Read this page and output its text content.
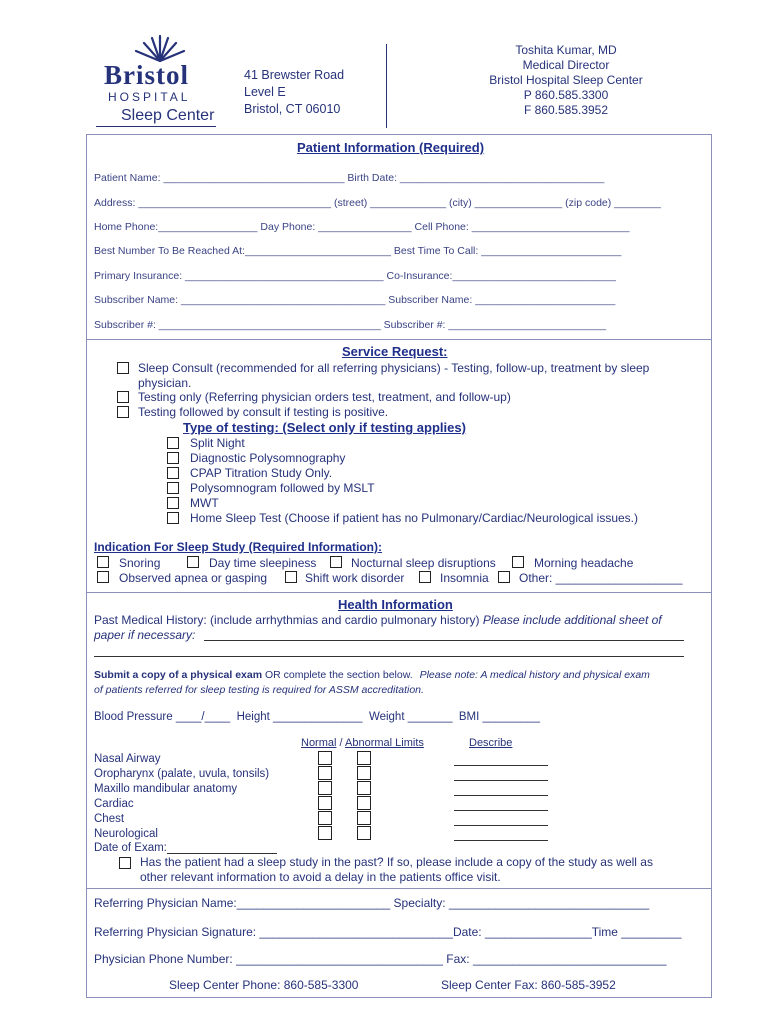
Bristol
HOSPITAL
Sleep Center
41 Brewster Road
Level E
Bristol, CT 06010
Toshita Kumar, MD
Medical Director
Bristol Hospital Sleep Center
P 860.585.3300
F 860.585.3952
Patient Information (Required)
Patient Name: _______________________________ Birth Date: ___________________________________
Address: _________________________________ (street) _____________ (city) _______________ (zip code) ________
Home Phone:_________________ Day Phone: ________________ Cell Phone: ___________________________
Best Number To Be Reached At:_________________________ Best Time To Call: ________________________
Primary Insurance: __________________________________ Co-Insurance:____________________________
Subscriber Name: ___________________________________ Subscriber Name: ________________________
Subscriber #: ______________________________________ Subscriber #: ___________________________
Service Request:
Sleep Consult (recommended for all referring physicians) - Testing, follow-up, treatment by sleep
physician.
Testing only (Referring physician orders test, treatment, and follow-up)
Testing followed by consult if testing is positive.
Type of testing: (Select only if testing applies)
Split Night
Diagnostic Polysomnography
CPAP Titration Study Only.
Polysomnogram followed by MSLT
MWT
Home Sleep Test (Choose if patient has no Pulmonary/Cardiac/Neurological issues.)
Indication For Sleep Study (Required Information):
Snoring	Day time sleepiness	Nocturnal sleep disruptions	Morning headache
Observed apnea or gasping	Shift work disorder	Insomnia	Other: ___________________
Health Information
Past Medical History: (include arrhythmias and cardio pulmonary history) Please include additional sheet of
paper if necessary:
Submit a copy of a physical exam OR complete the section below. Please note: A medical history and physical exam
of patients referred for sleep testing is required for ASSM accreditation.
Blood Pressure ____/____  Height ______________  Weight _______  BMI _________
Normal / Abnormal Limits	Describe
Nasal Airway
Oropharynx (palate, uvula, tonsils)
Maxillo mandibular anatomy
Cardiac
Chest
Neurological
Date of Exam:
Has the patient had a sleep study in the past? If so, please include a copy of the study as well as
other relevant information to avoid a delay in the patients office visit.
Referring Physician Name:_______________________ Specialty: ______________________________
Referring Physician Signature: _____________________________Date: ________________Time _________
Physician Phone Number: _______________________________ Fax: _____________________________
Sleep Center Phone: 860-585-3300	Sleep Center Fax: 860-585-3952
